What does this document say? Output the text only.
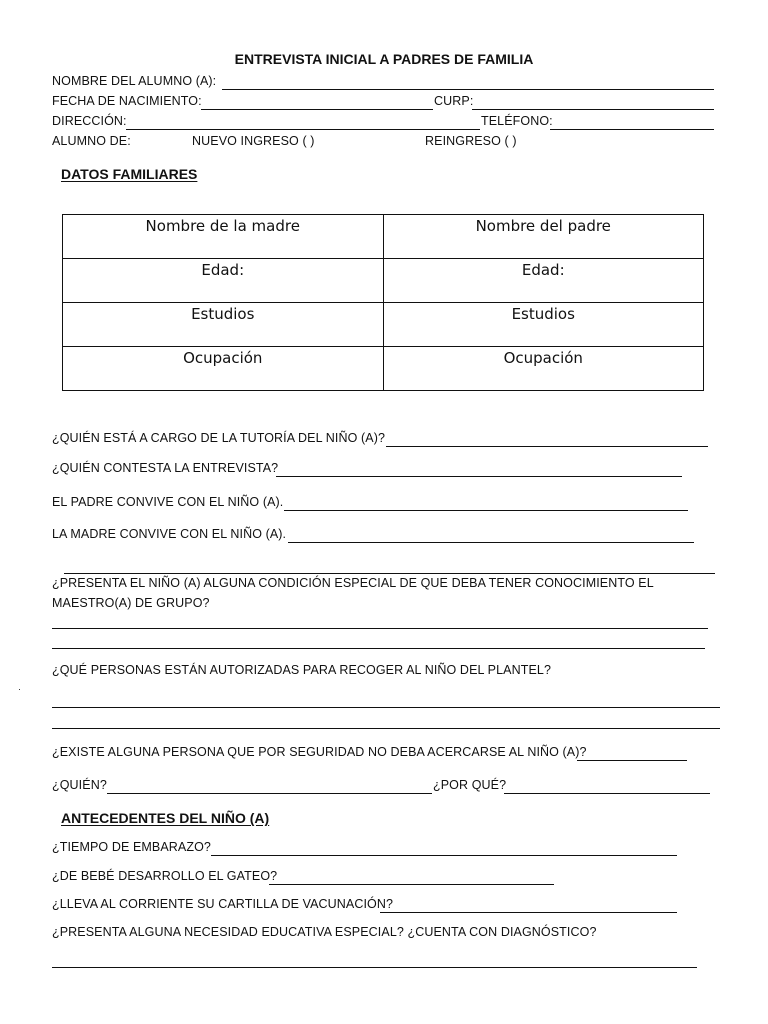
ENTREVISTA INICIAL A PADRES DE FAMILIA
NOMBRE DEL ALUMNO (A):
FECHA DE NACIMIENTO:	CURP:
DIRECCIÓN:	TELÉFONO:
ALUMNO DE:	NUEVO INGRESO ( )	REINGRESO ( )
DATOS FAMILIARES
Nombre de la madre	Nombre del padre
Edad:	Edad:
Estudios	Estudios
Ocupación	Ocupación
¿QUIÉN ESTÁ A CARGO DE LA TUTORÍA DEL NIÑO (A)?
¿QUIÉN CONTESTA LA ENTREVISTA?
EL PADRE CONVIVE CON EL NIÑO (A).
LA MADRE CONVIVE CON EL NIÑO (A).
¿PRESENTA EL NIÑO (A) ALGUNA CONDICIÓN ESPECIAL DE QUE DEBA TENER CONOCIMIENTO EL
MAESTRO(A) DE GRUPO?
¿QUÉ PERSONAS ESTÁN AUTORIZADAS PARA RECOGER AL NIÑO DEL PLANTEL?
·
¿EXISTE ALGUNA PERSONA QUE POR SEGURIDAD NO DEBA ACERCARSE AL NIÑO (A)?
¿QUIÉN?	¿POR QUÉ?
ANTECEDENTES DEL NIÑO (A)
¿TIEMPO DE EMBARAZO?
¿DE BEBÉ DESARROLLO EL GATEO?
¿LLEVA AL CORRIENTE SU CARTILLA DE VACUNACIÓN?
¿PRESENTA ALGUNA NECESIDAD EDUCATIVA ESPECIAL? ¿CUENTA CON DIAGNÓSTICO?
